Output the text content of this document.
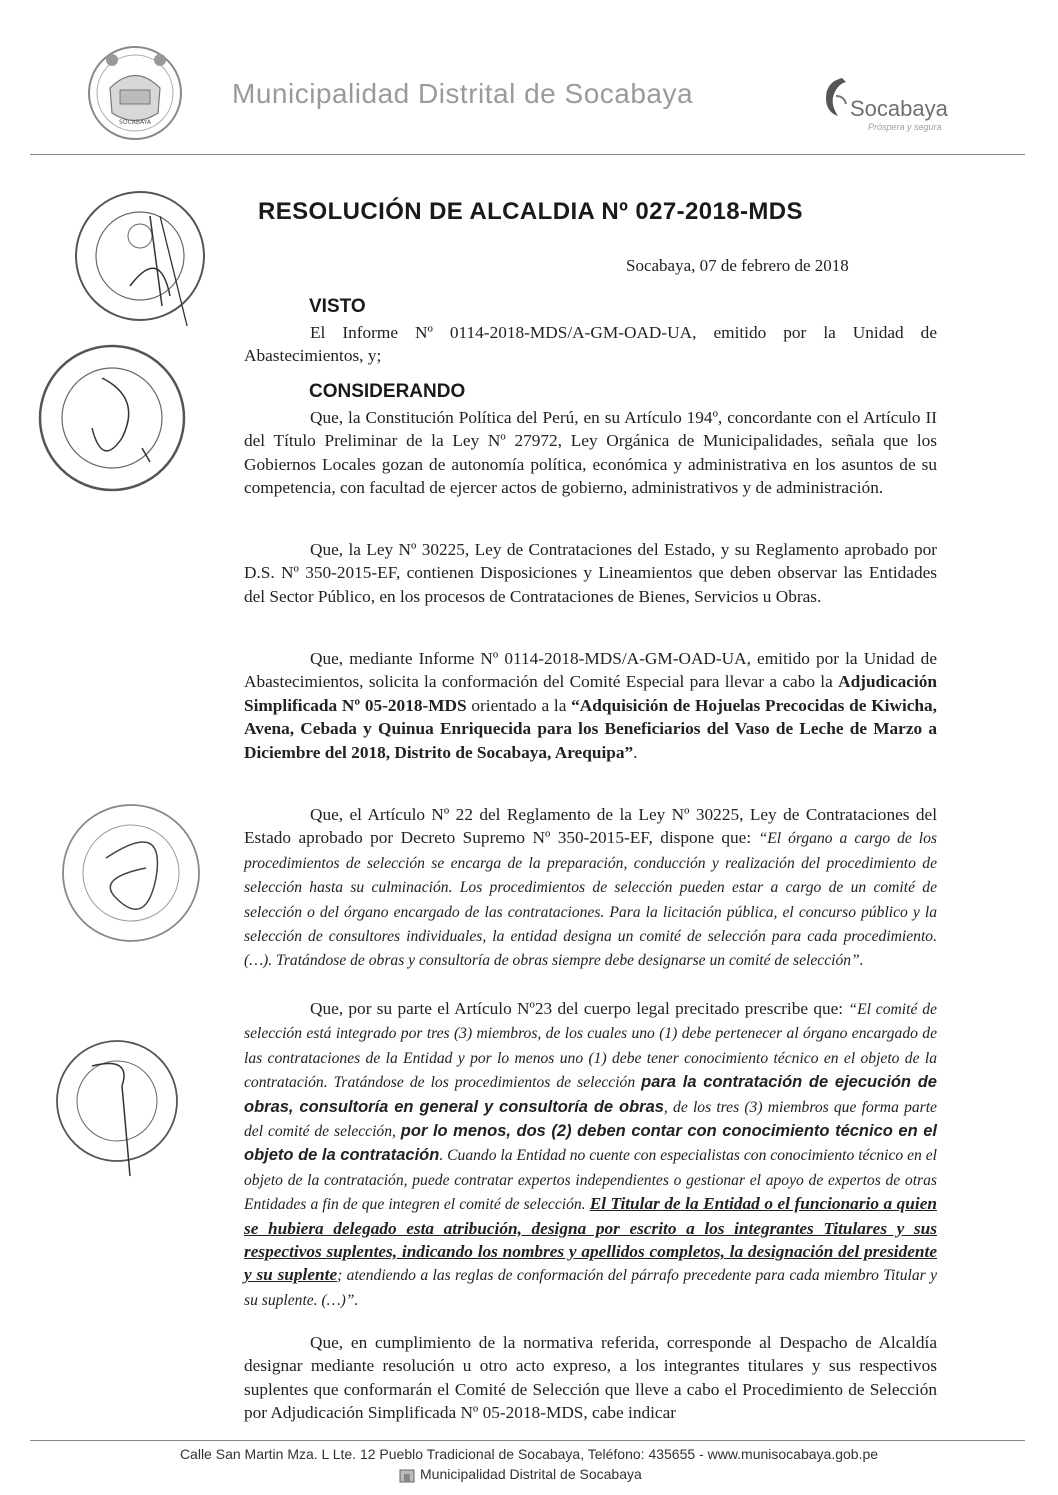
SOCABAYA
Municipalidad Distrital de Socabaya	Socabaya
Próspera y segura
RESOLUCIÓN DE ALCALDIA Nº 027-2018-MDS
Socabaya, 07 de febrero de 2018
VISTO
El Informe Nº 0114-2018-MDS/A-GM-OAD-UA, emitido por la Unidad de Abastecimientos, y;
CONSIDERANDO
Que, la Constitución Política del Perú, en su Artículo 194º, concordante con el Artículo II del Título Preliminar de la Ley Nº 27972, Ley Orgánica de Municipalidades, señala que los Gobiernos Locales gozan de autonomía política, económica y administrativa en los asuntos de su competencia, con facultad de ejercer actos de gobierno, administrativos y de administración.
Que, la Ley Nº 30225, Ley de Contrataciones del Estado, y su Reglamento aprobado por D.S. Nº 350-2015-EF, contienen Disposiciones y Lineamientos que deben observar las Entidades del Sector Público, en los procesos de Contrataciones de Bienes, Servicios u Obras.
Que, mediante Informe Nº 0114-2018-MDS/A-GM-OAD-UA, emitido por la Unidad de Abastecimientos, solicita la conformación del Comité Especial para llevar a cabo la Adjudicación Simplificada Nº 05-2018-MDS orientado a la “Adquisición de Hojuelas Precocidas de Kiwicha, Avena, Cebada y Quinua Enriquecida para los Beneficiarios del Vaso de Leche de Marzo a Diciembre del 2018, Distrito de Socabaya, Arequipa”.
Que, el Artículo Nº 22 del Reglamento de la Ley Nº 30225, Ley de Contrataciones del Estado aprobado por Decreto Supremo Nº 350-2015-EF, dispone que: “El órgano a cargo de los procedimientos de selección se encarga de la preparación, conducción y realización del procedimiento de selección hasta su culminación. Los procedimientos de selección pueden estar a cargo de un comité de selección o del órgano encargado de las contrataciones. Para la licitación pública, el concurso público y la selección de consultores individuales, la entidad designa un comité de selección para cada procedimiento. (…). Tratándose de obras y consultoría de obras siempre debe designarse un comité de selección”.
Que, por su parte el Artículo Nº23 del cuerpo legal precitado prescribe que: “El comité de selección está integrado por tres (3) miembros, de los cuales uno (1) debe pertenecer al órgano encargado de las contrataciones de la Entidad y por lo menos uno (1) debe tener conocimiento técnico en el objeto de la contratación. Tratándose de los procedimientos de selección para la contratación de ejecución de obras, consultoría en general y consultoría de obras, de los tres (3) miembros que forma parte del comité de selección, por lo menos, dos (2) deben contar con conocimiento técnico en el objeto de la contratación. Cuando la Entidad no cuente con especialistas con conocimiento técnico en el objeto de la contratación, puede contratar expertos independientes o gestionar el apoyo de expertos de otras Entidades a fin de que integren el comité de selección. El Titular de la Entidad o el funcionario a quien se hubiera delegado esta atribución, designa por escrito a los integrantes Titulares y sus respectivos suplentes, indicando los nombres y apellidos completos, la designación del presidente y su suplente; atendiendo a las reglas de conformación del párrafo precedente para cada miembro Titular y su suplente. (…)”.
Que, en cumplimiento de la normativa referida, corresponde al Despacho de Alcaldía designar mediante resolución u otro acto expreso, a los integrantes titulares y sus respectivos suplentes que conformarán el Comité de Selección que lleve a cabo el Procedimiento de Selección por Adjudicación Simplificada Nº 05-2018-MDS, cabe indicar
Calle San Martin Mza. L Lte. 12 Pueblo Tradicional de Socabaya, Teléfono: 435655 - www.munisocabaya.gob.pe
Municipalidad Distrital de Socabaya
